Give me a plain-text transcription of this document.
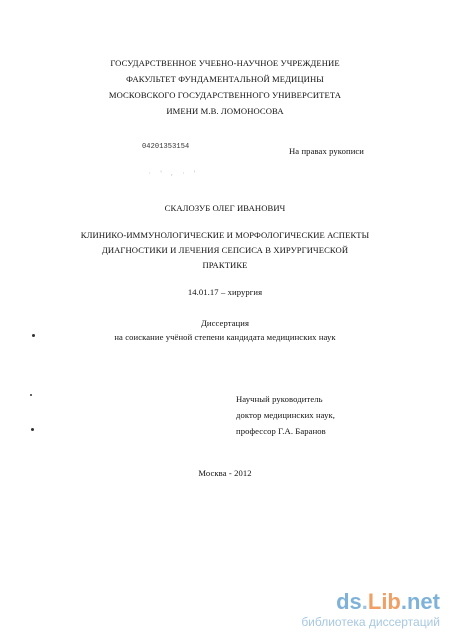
ГОСУДАРСТВЕННОЕ УЧЕБНО-НАУЧНОЕ УЧРЕЖДЕНИЕ
ФАКУЛЬТЕТ ФУНДАМЕНТАЛЬНОЙ МЕДИЦИНЫ
МОСКОВСКОГО ГОСУДАРСТВЕННОГО УНИВЕРСИТЕТА
ИМЕНИ М.В. ЛОМОНОСОВА
04201353154	На правах рукописи
· ' , · '
СКАЛОЗУБ ОЛЕГ ИВАНОВИЧ
КЛИНИКО-ИММУНОЛОГИЧЕСКИЕ И МОРФОЛОГИЧЕСКИЕ АСПЕКТЫ
ДИАГНОСТИКИ И ЛЕЧЕНИЯ СЕПСИСА В ХИРУРГИЧЕСКОЙ
ПРАКТИКЕ
14.01.17 – хирургия
Диссертация
на соискание учёной степени кандидата медицинских наук
Научный руководитель
доктор медицинских наук,
профессор Г.А. Баранов
Москва - 2012
ds.Lib.net
библиотека диссертаций
